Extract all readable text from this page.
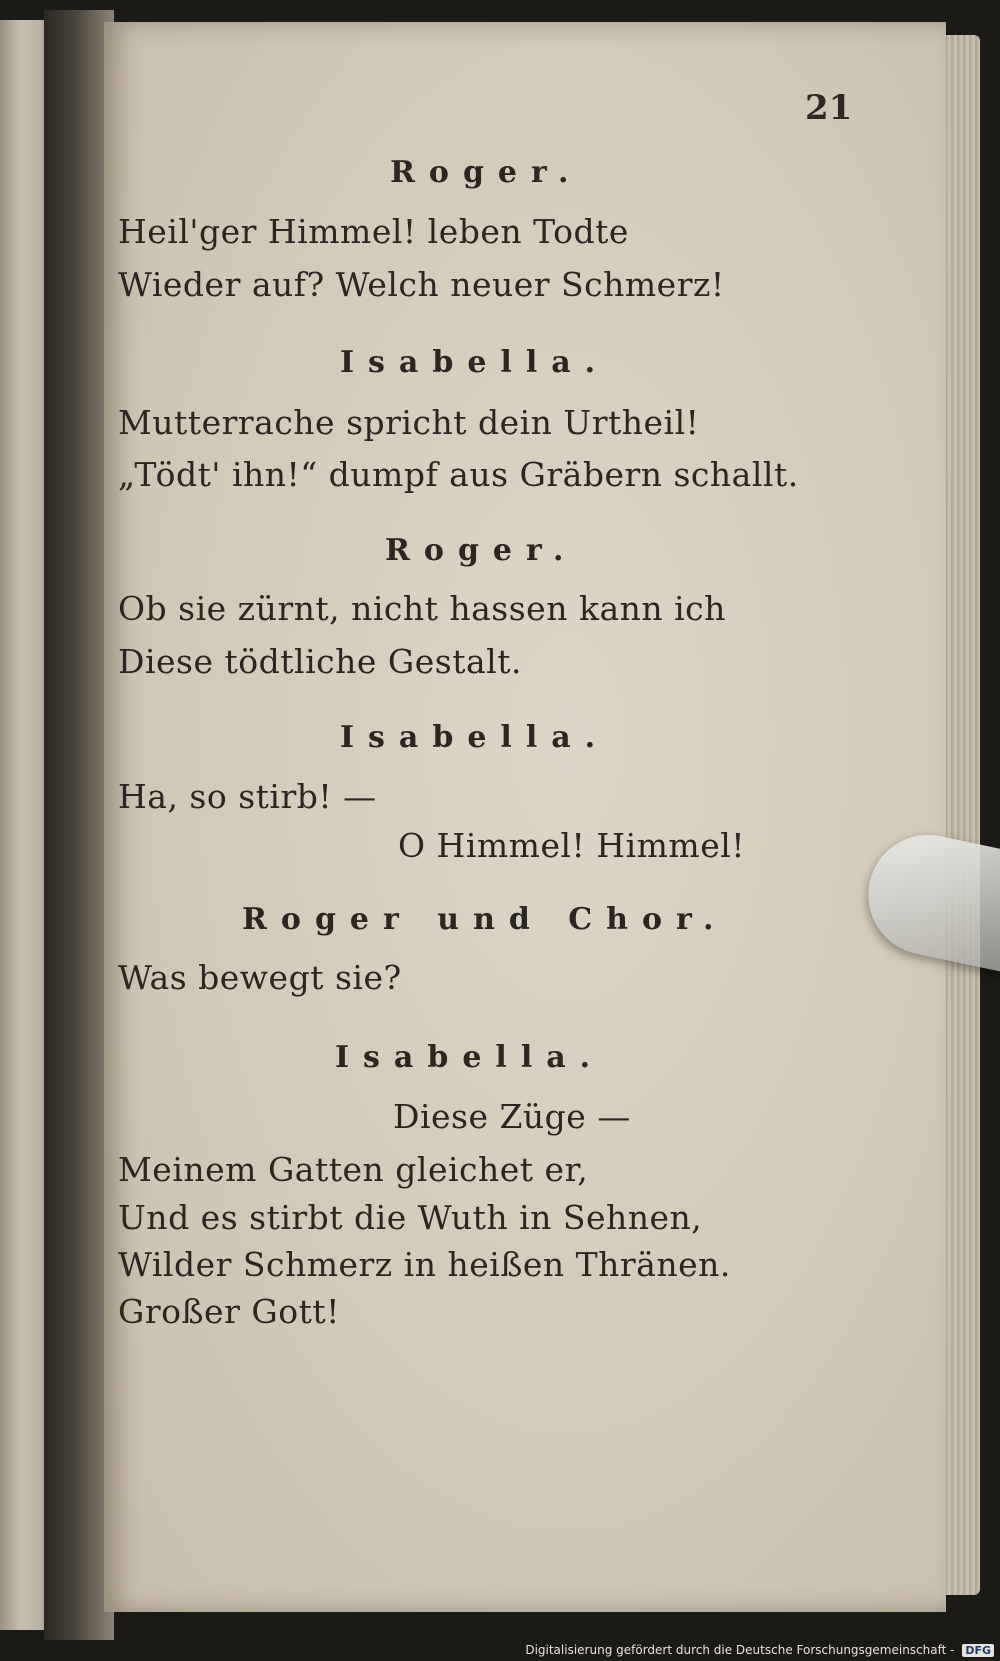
21
Roger.
Heil'ger Himmel! leben Todte
Wieder auf? Welch neuer Schmerz!
Isabella.
Mutterrache spricht dein Urtheil!
„Tödt' ihn!“ dumpf aus Gräbern schallt.
Roger.
Ob sie zürnt, nicht hassen kann ich
Diese tödtliche Gestalt.
Isabella.
Ha, so stirb! —
O Himmel! Himmel!
Roger und Chor.
Was bewegt sie?
Isabella.
Diese Züge —
Meinem Gatten gleichet er,
Und es stirbt die Wuth in Sehnen,
Wilder Schmerz in heißen Thränen.
Großer Gott!
Digitalisierung gefördert durch die Deutsche Forschungsgemeinschaft - DFG
